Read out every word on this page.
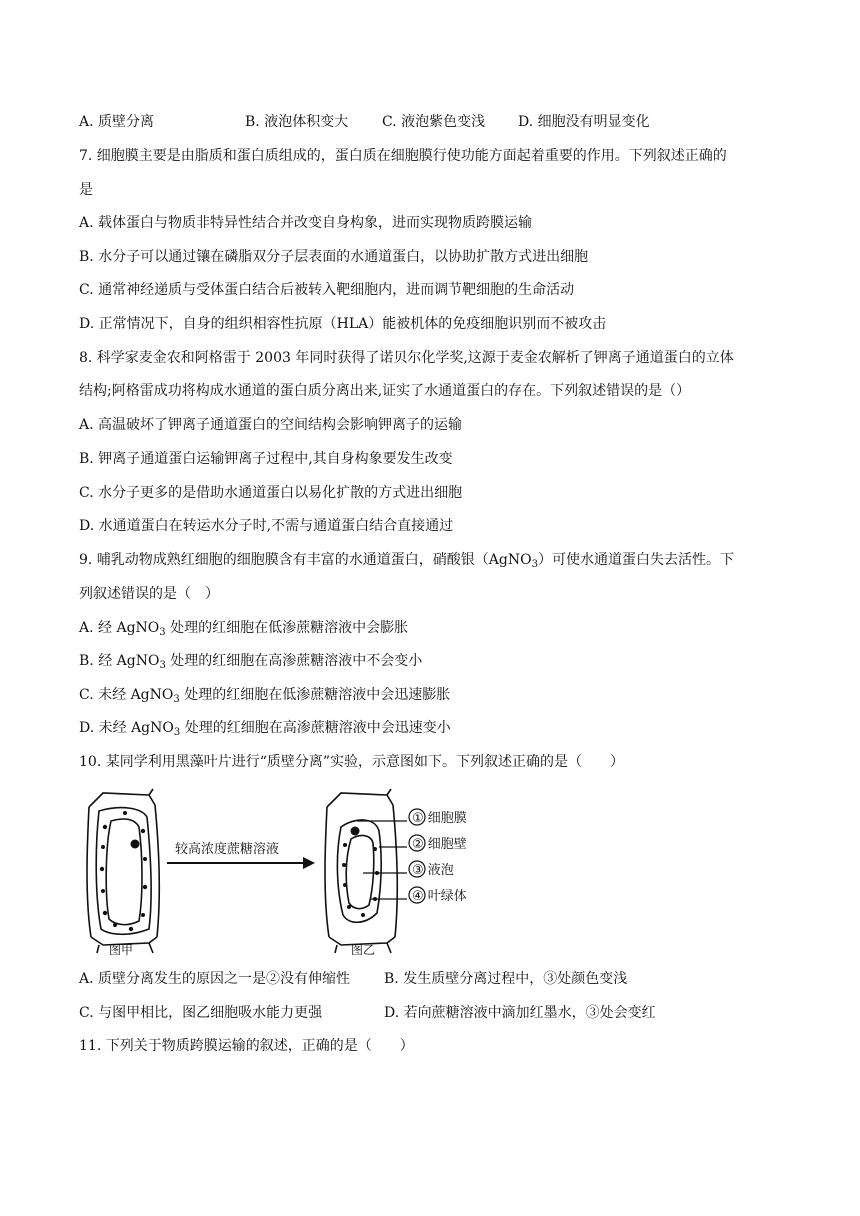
A. 质壁分离	B. 液泡体积变大 C. 液泡紫色变浅 D. 细胞没有明显变化
7. 细胞膜主要是由脂质和蛋白质组成的，蛋白质在细胞膜行使功能方面起着重要的作用。下列叙述正确的
是
A. 载体蛋白与物质非特异性结合并改变自身构象，进而实现物质跨膜运输
B. 水分子可以通过镶在磷脂双分子层表面的水通道蛋白，以协助扩散方式进出细胞
C. 通常神经递质与受体蛋白结合后被转入靶细胞内，进而调节靶细胞的生命活动
D. 正常情况下，自身的组织相容性抗原（HLA）能被机体的免疫细胞识别而不被攻击
8. 科学家麦金农和阿格雷于 2003 年同时获得了诺贝尔化学奖,这源于麦金农解析了钾离子通道蛋白的立体
结构;阿格雷成功将构成水通道的蛋白质分离出来,证实了水通道蛋白的存在。下列叙述错误的是（）
A. 高温破坏了钾离子通道蛋白的空间结构会影响钾离子的运输
B. 钾离子通道蛋白运输钾离子过程中,其自身构象要发生改变
C. 水分子更多的是借助水通道蛋白以易化扩散的方式进出细胞
D. 水通道蛋白在转运水分子时,不需与通道蛋白结合直接通过
9. 哺乳动物成熟红细胞的细胞膜含有丰富的水通道蛋白，硝酸银（AgNO$_3$）可使水通道蛋白失去活性。下
列叙述错误的是（　）
A. 经 AgNO$_3$ 处理的红细胞在低渗蔗糖溶液中会膨胀
B. 经 AgNO$_3$ 处理的红细胞在高渗蔗糖溶液中不会变小
C. 未经 AgNO$_3$ 处理的红细胞在低渗蔗糖溶液中会迅速膨胀
D. 未经 AgNO$_3$ 处理的红细胞在高渗蔗糖溶液中会迅速变小
10. 某同学利用黑藻叶片进行“质壁分离”实验，示意图如下。下列叙述正确的是（　　）
较高浓度蔗糖溶液
① 细胞膜
② 细胞壁
③ 液泡
④ 叶绿体
图甲	图乙
A. 质壁分离发生的原因之一是②没有伸缩性 B. 发生质壁分离过程中，③处颜色变浅
C. 与图甲相比，图乙细胞吸水能力更强	D. 若向蔗糖溶液中滴加红墨水，③处会变红
11. 下列关于物质跨膜运输的叙述，正确的是（　　）
